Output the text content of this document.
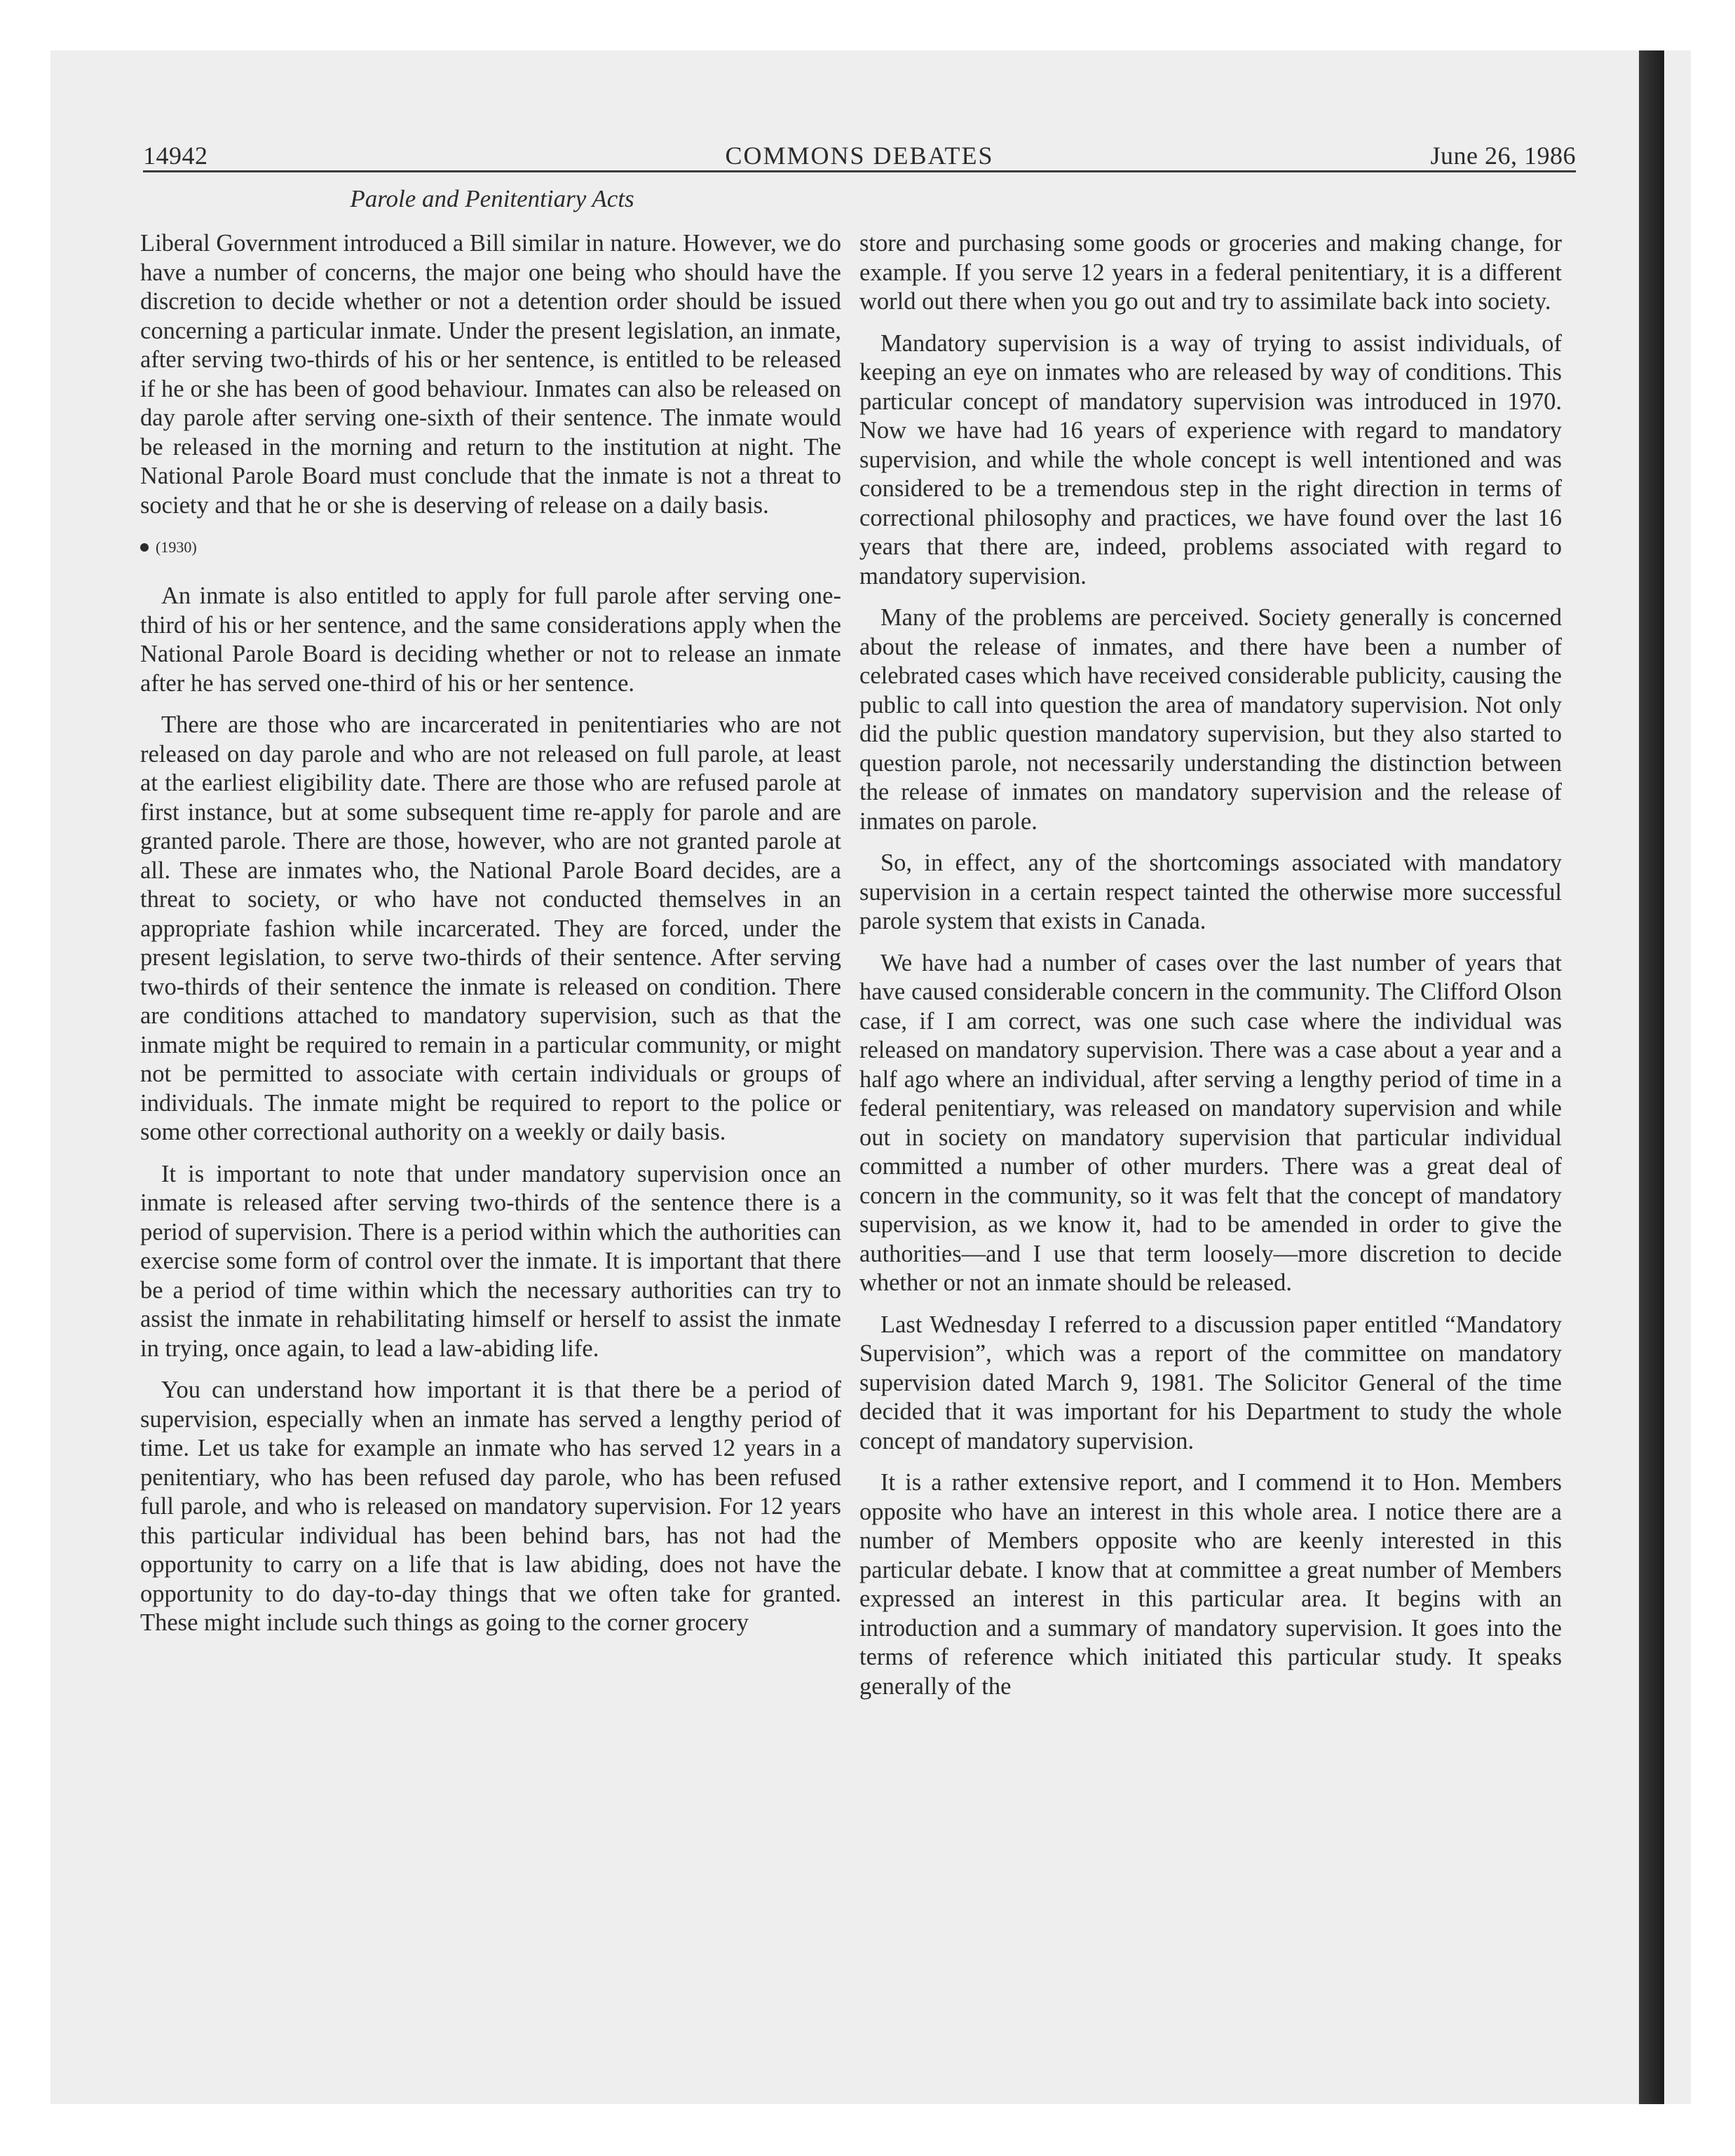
14942	COMMONS DEBATES	June 26, 1986
Parole and Penitentiary Acts

Liberal Government introduced a Bill similar in nature. However, we do have a number of concerns, the major one being who should have the discretion to decide whether or not a detention order should be issued concerning a particular inmate. Under the present legislation, an inmate, after serving two-thirds of his or her sentence, is entitled to be released if he or she has been of good behaviour. Inmates can also be released on day parole after serving one-sixth of their sentence. The inmate would be released in the morning and return to the institution at night. The National Parole Board must conclude that the inmate is not a threat to society and that he or she is deserving of release on a daily basis.

(1930)

An inmate is also entitled to apply for full parole after serving one-third of his or her sentence, and the same considerations apply when the National Parole Board is deciding whether or not to release an inmate after he has served one-third of his or her sentence.

There are those who are incarcerated in penitentiaries who are not released on day parole and who are not released on full parole, at least at the earliest eligibility date. There are those who are refused parole at first instance, but at some subsequent time re-apply for parole and are granted parole. There are those, however, who are not granted parole at all. These are inmates who, the National Parole Board decides, are a threat to society, or who have not conducted themselves in an appropriate fashion while incarcerated. They are forced, under the present legislation, to serve two-thirds of their sentence. After serving two-thirds of their sentence the inmate is released on condition. There are conditions attached to mandatory supervision, such as that the inmate might be required to remain in a particular community, or might not be permitted to associate with certain individuals or groups of individuals. The inmate might be required to report to the police or some other correctional authority on a weekly or daily basis.

It is important to note that under mandatory supervision once an inmate is released after serving two-thirds of the sentence there is a period of supervision. There is a period within which the authorities can exercise some form of control over the inmate. It is important that there be a period of time within which the necessary authorities can try to assist the inmate in rehabilitating himself or herself to assist the inmate in trying, once again, to lead a law-abiding life.

You can understand how important it is that there be a period of supervision, especially when an inmate has served a lengthy period of time. Let us take for example an inmate who has served 12 years in a penitentiary, who has been refused day parole, who has been refused full parole, and who is released on mandatory supervision. For 12 years this particular individual has been behind bars, has not had the opportunity to carry on a life that is law abiding, does not have the opportunity to do day-to-day things that we often take for granted. These might include such things as going to the corner grocery

store and purchasing some goods or groceries and making change, for example. If you serve 12 years in a federal penitentiary, it is a different world out there when you go out and try to assimilate back into society.

Mandatory supervision is a way of trying to assist individuals, of keeping an eye on inmates who are released by way of conditions. This particular concept of mandatory supervision was introduced in 1970. Now we have had 16 years of experience with regard to mandatory supervision, and while the whole concept is well intentioned and was considered to be a tremendous step in the right direction in terms of correctional philosophy and practices, we have found over the last 16 years that there are, indeed, problems associated with regard to mandatory supervision.

Many of the problems are perceived. Society generally is concerned about the release of inmates, and there have been a number of celebrated cases which have received considerable publicity, causing the public to call into question the area of mandatory supervision. Not only did the public question mandatory supervision, but they also started to question parole, not necessarily understanding the distinction between the release of inmates on mandatory supervision and the release of inmates on parole.

So, in effect, any of the shortcomings associated with mandatory supervision in a certain respect tainted the otherwise more successful parole system that exists in Canada.

We have had a number of cases over the last number of years that have caused considerable concern in the community. The Clifford Olson case, if I am correct, was one such case where the individual was released on mandatory supervision. There was a case about a year and a half ago where an individual, after serving a lengthy period of time in a federal penitentiary, was released on mandatory supervision and while out in society on mandatory supervision that particular individual committed a number of other murders. There was a great deal of concern in the community, so it was felt that the concept of mandatory supervision, as we know it, had to be amended in order to give the authorities—and I use that term loosely—more discretion to decide whether or not an inmate should be released.

Last Wednesday I referred to a discussion paper entitled “Mandatory Supervision”, which was a report of the committee on mandatory supervision dated March 9, 1981. The Solicitor General of the time decided that it was important for his Department to study the whole concept of mandatory supervision.

It is a rather extensive report, and I commend it to Hon. Members opposite who have an interest in this whole area. I notice there are a number of Members opposite who are keenly interested in this particular debate. I know that at committee a great number of Members expressed an interest in this particular area. It begins with an introduction and a summary of mandatory supervision. It goes into the terms of reference which initiated this particular study. It speaks generally of the
